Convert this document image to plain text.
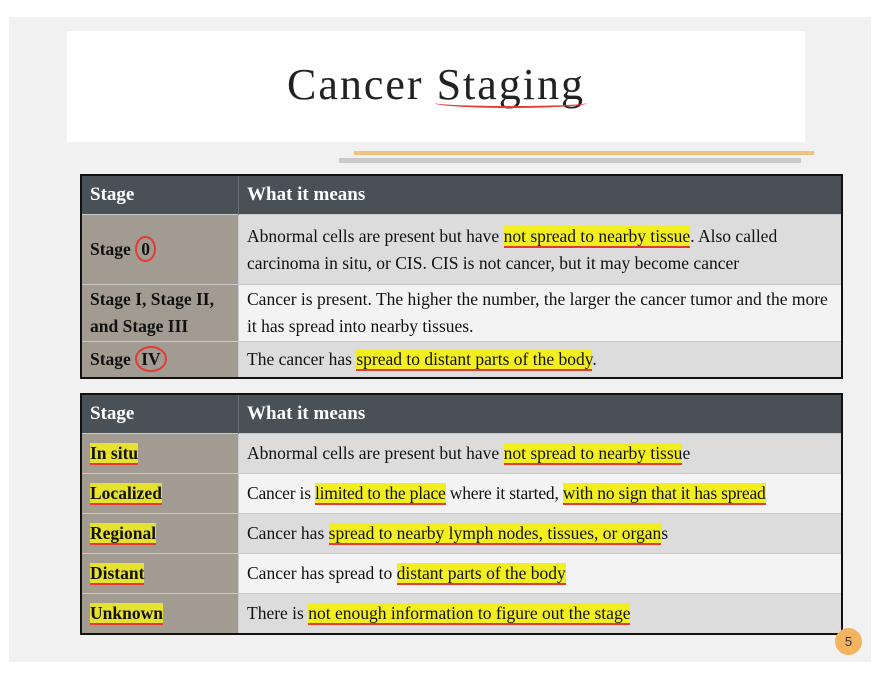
Cancer Staging
Stage	What it means
Stage 0	Abnormal cells are present but have not spread to nearby tissue. Also called carcinoma in situ, or CIS. CIS is not cancer, but it may become cancer
Stage I, Stage II,
and Stage III	Cancer is present. The higher the number, the larger the cancer tumor and the more it has spread into nearby tissues.
Stage IV	The cancer has spread to distant parts of the body.
Stage	What it means
In situ	Abnormal cells are present but have not spread to nearby tissue
Localized	Cancer is limited to the place where it started, with no sign that it has spread
Regional	Cancer has spread to nearby lymph nodes, tissues, or organs
Distant	Cancer has spread to distant parts of the body
Unknown	There is not enough information to figure out the stage
5
